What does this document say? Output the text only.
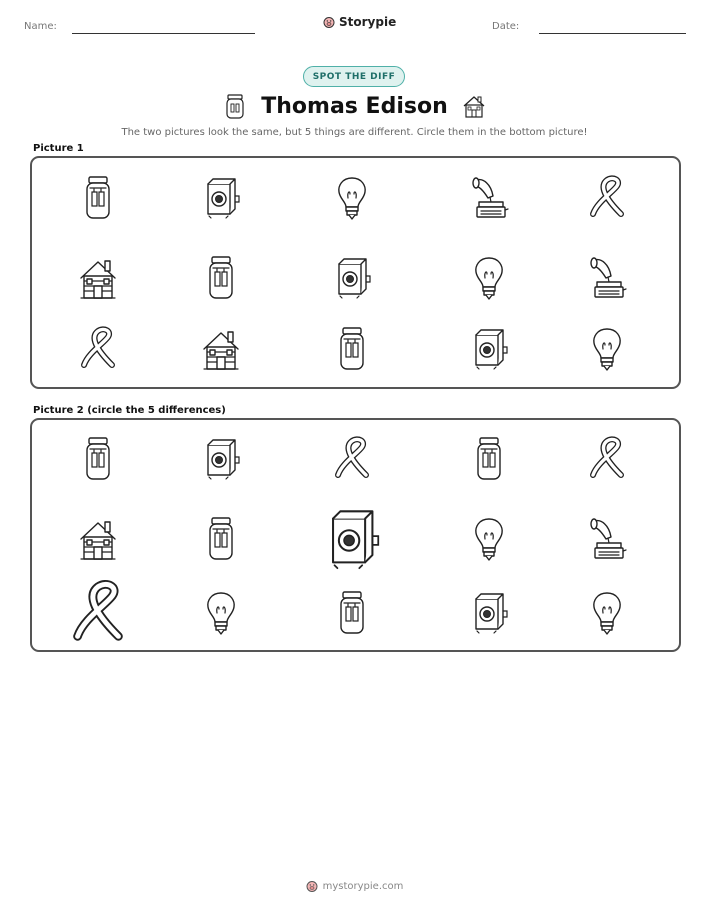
Name:	Storypie	Date:
SPOT THE DIFF
Thomas Edison
The two pictures look the same, but 5 things are different. Circle them in the bottom picture!
Picture 1
Picture 2 (circle the 5 differences)
mystorypie.com
